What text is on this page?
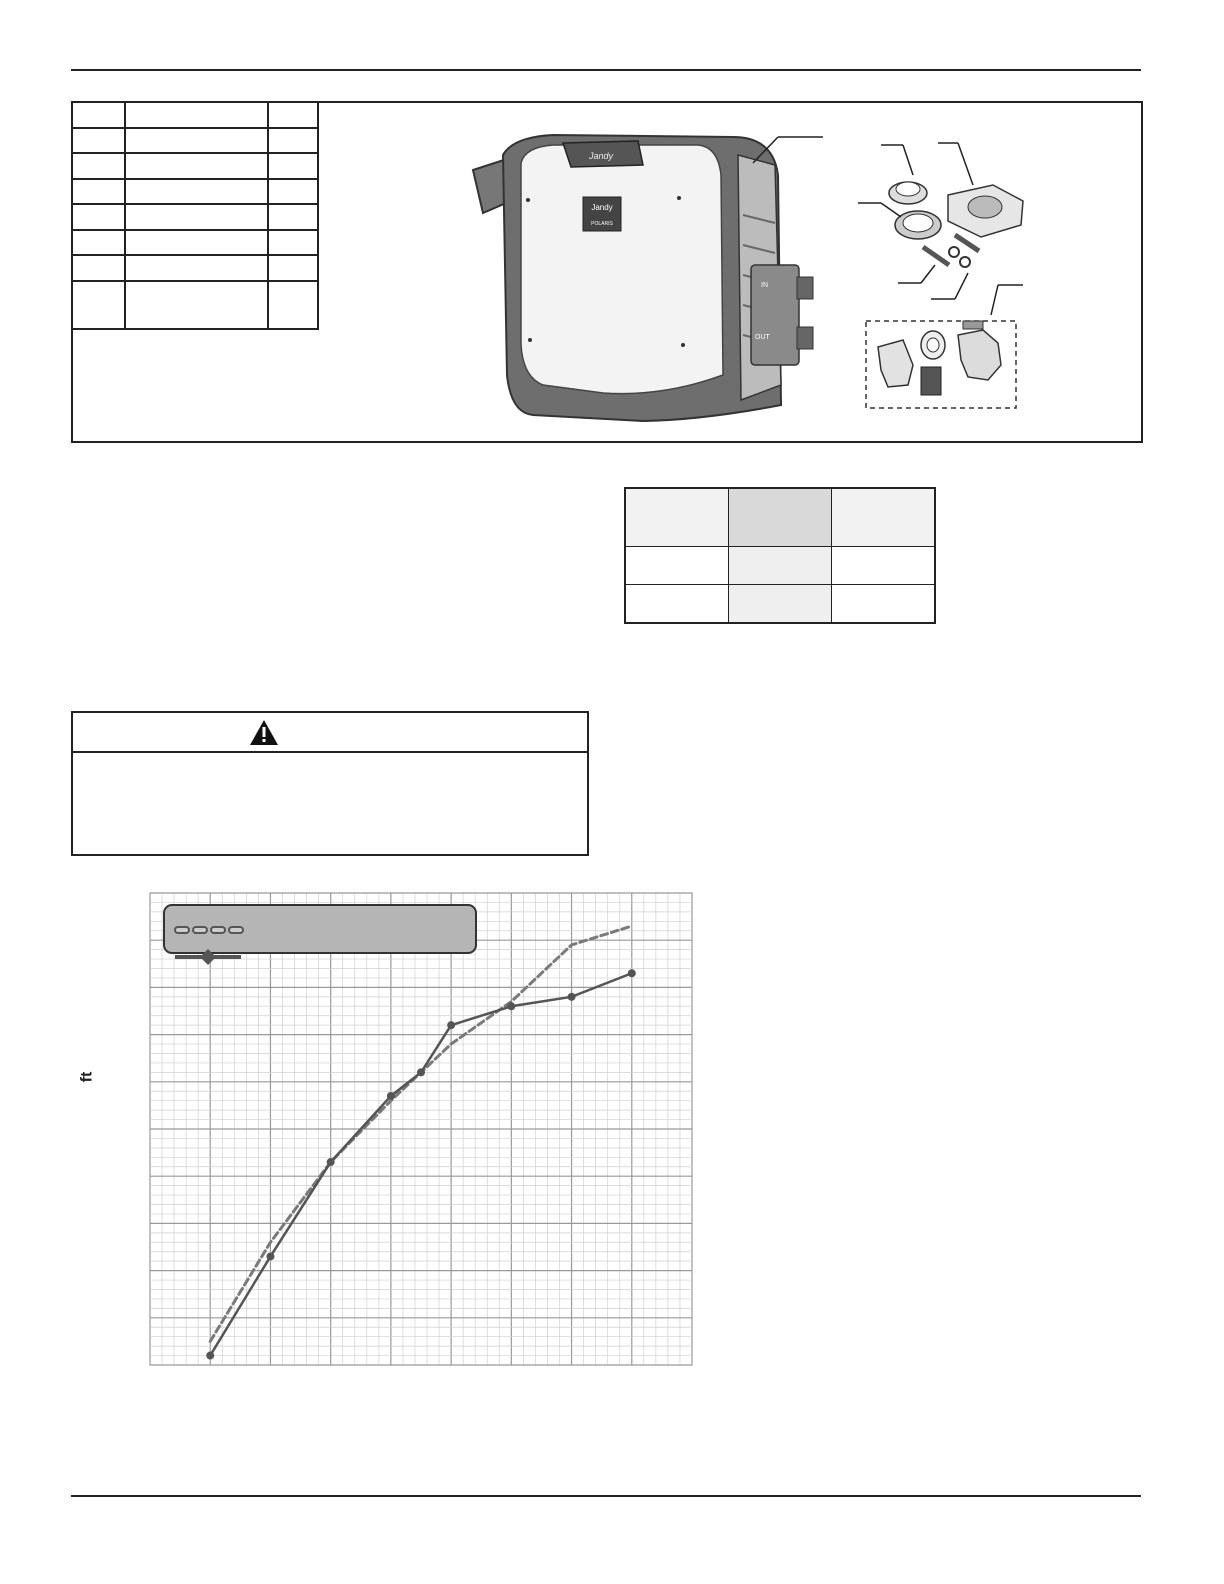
Jandy
Jandy
POLARIS
IN
OUT

ft
